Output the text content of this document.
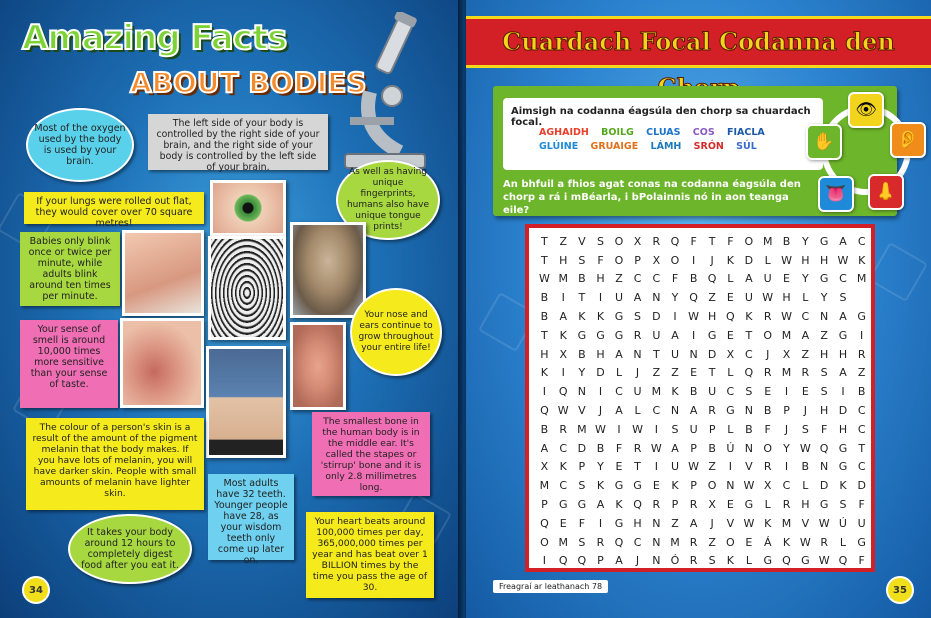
Amazing Facts
ABOUT BODIES
Most of the oxygen used by the body is used by your brain.
The left side of your body is controlled by the right side of your brain, and the right side of your body is controlled by the left side of your brain.	As well as having unique fingerprints, humans also have unique tongue prints!
If your lungs were rolled out flat, they would cover over 70 square metres!
Babies only blink once or twice per minute, while adults blink around ten times per minute.
Your nose and ears continue to grow throughout your entire life!
Your sense of smell is around 10,000 times more sensitive than your sense of taste.
The colour of a person's skin is a result of the amount of the pigment melanin that the body makes. If you have lots of melanin, you will have darker skin. People with small amounts of melanin have lighter skin.
The smallest bone in the human body is in the middle ear. It's called the stapes or 'stirrup' bone and it is only 2.8 millimetres long.
Most adults have 32 teeth. Younger people have 28, as your wisdom teeth only come up later on.
It takes your body around 12 hours to completely digest food after you eat it.
Your heart beats around 100,000 times per day, 365,000,000 times per year and has beat over 1 BILLION times by the time you pass the age of 30.
34
Cuardach Focal Codanna den
Aimsigh na codanna éagsúla den chorp sa chuardach focal.
AGHAIDH BOILG CLUAS COS FIACLA
GLÚINE GRUAIGE LÁMH SRÓN SÚL
An bhfuil a fhios agat conas na codanna éagsúla den chorp a rá i mBéarla, i bPolainnis nó in aon teanga eile?
👁
👂
👃
👅
✋
T	Z	V	S	O	X	R	Q	F	T	F	O	M	B	Y	G	A	C
T	H	S	F	O	P	X	O	I	J	K	D	L	W	H	H	W	K
W	M	B	H	Z	C	C	F	B	Q	L	A	U	E	Y	G	C	M
B	I	T	I	U	A	N	Y	Q	Z	E	U	W	H	L	Y	S	
B	A	K	K	G	S	D	I	W	H	Q	K	R	W	C	N	A	G
T	K	G	G	G	R	U	A	I	G	E	T	O	M	A	Z	G	I
H	X	B	H	A	N	T	U	N	D	X	C	J	X	Z	H	H	R
K	I	Y	D	L	J	Z	Z	E	T	L	Q	R	M	R	S	A	Z
I	Q	N	I	C	U	M	K	B	U	C	S	E	I	E	S	I	B
Q	W	V	J	A	L	C	N	A	R	G	N	B	P	J	H	D	C
B	R	M	W	I	W	I	S	U	P	L	B	F	J	S	F	H	C
A	C	D	B	F	R	W	A	P	B	Ú	N	O	Y	W	Q	G	T
X	K	P	Y	E	T	I	U	W	Z	I	V	R	I	B	N	G	C
M	C	S	K	G	G	E	K	P	O	N	W	X	C	L	D	K	D
P	G	G	A	K	Q	R	P	R	X	E	G	L	R	H	G	S	F
Q	E	F	I	G	H	N	Z	A	J	V	W	K	M	V	W	Ú	U
O	M	S	R	Q	C	N	M	R	Z	O	E	Á	K	W	R	L	G
I	Q	Q	P	A	J	N	Ó	R	S	K	L	G	Q	G	W	Q	F
Freagraí ar leathanach 78	35
